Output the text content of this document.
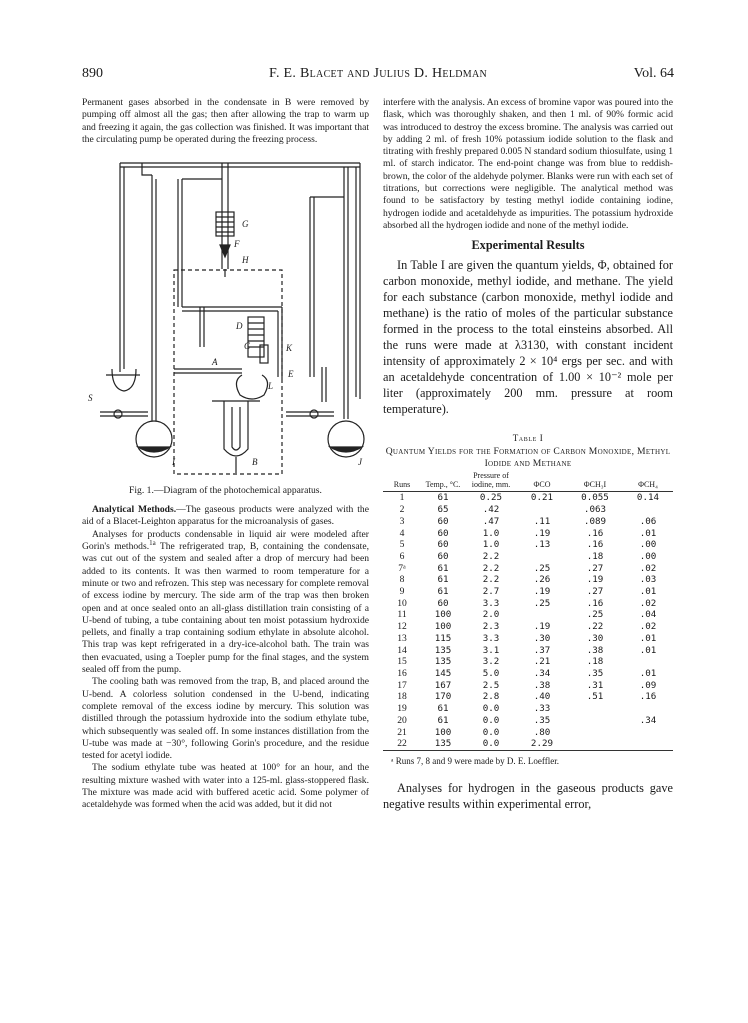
890	F. E. Blacet and Julius D. Heldman	Vol. 64

Permanent gases absorbed in the condensate in B were removed by pumping off almost all the gas; then after allowing the trap to warm up and freezing it again, the gas collection was finished. It was important that the circulating pump be operated during the freezing process.

G
F
H
D
C	K
A
L
E
S
I	B	J

Fig. 1.—Diagram of the photochemical apparatus.

Analytical Methods.—The gaseous products were analyzed with the aid of a Blacet-Leighton apparatus for the microanalysis of gases.

Analyses for products condensable in liquid air were modeled after Gorin's methods.$^{1a}$ The refrigerated trap, B, containing the condensate, was cut out of the system and sealed after a drop of mercury had been added to its contents. It was then warmed to room temperature for a minute or two and refrozen. This step was necessary for complete removal of excess iodine by mercury. The side arm of the trap was then broken open and at once sealed onto an all-glass distillation train consisting of a U-bend of tubing, a tube containing about ten moist potassium hydroxide pellets, and finally a trap containing sodium ethylate in absolute alcohol. This trap was kept refrigerated in a dry-ice-alcohol bath. The train was then evacuated, using a Toepler pump for the final stages, and the system sealed off from the pump.

The cooling bath was removed from the trap, B, and placed around the U-bend. A colorless solution condensed in the U-bend, indicating complete removal of the excess iodine by mercury. This solution was distilled through the potassium hydroxide into the sodium ethylate tube, which subsequently was sealed off. In some instances distillation from the U-tube was made at −30°, following Gorin's procedure, and the residue tested for acetyl iodide.

The sodium ethylate tube was heated at 100° for an hour, and the resulting mixture washed with water into a 125-ml. glass-stoppered flask. The mixture was made acid with buffered acetic acid. Some polymer of acetaldehyde was formed when the acid was added, but it did not

interfere with the analysis. An excess of bromine vapor was poured into the flask, which was thoroughly shaken, and then 1 ml. of 90% formic acid was introduced to destroy the excess bromine. The analysis was carried out by adding 2 ml. of fresh 10% potassium iodide solution to the flask and titrating with freshly prepared 0.005 N standard sodium thiosulfate, using 1 ml. of starch indicator. The end-point change was from blue to reddish-brown, the color of the aldehyde polymer. Blanks were run with each set of titrations, but corrections were negligible. The analytical method was found to be satisfactory by testing methyl iodide containing iodine, hydrogen iodide and acetaldehyde as impurities. The potassium hydroxide absorbed all the hydrogen iodide and none of the methyl iodide.

Experimental Results

In Table I are given the quantum yields, Φ, obtained for carbon monoxide, methyl iodide, and methane. The yield for each substance (carbon monoxide, methyl iodide and methane) is the ratio of moles of the particular substance formed in the process to the total einsteins absorbed. All the runs were made at λ3130, with constant incident intensity of approximately 2 × 10⁴ ergs per sec. and with an acetaldehyde concentration of 1.00 × 10⁻² mole per liter (approximately 200 mm. pressure at room temperature).

Table I
Quantum Yields for the Formation of Carbon Monoxide, Methyl Iodide and Methane
Runs	Temp., °C.	Pressure of iodine, mm.	ΦCO	ΦCH₃I	ΦCH₄
1	61	0.25	0.21	0.055	0.14
2	65	.42		.063	
3	60	.47	.11	.089	.06
4	60	1.0	.19	.16	.01
5	60	1.0	.13	.16	.00
6	60	2.2		.18	.00
7ᵃ	61	2.2	.25	.27	.02
8	61	2.2	.26	.19	.03
9	61	2.7	.19	.27	.01
10	60	3.3	.25	.16	.02
11	100	2.0		.25	.04
12	100	2.3	.19	.22	.02
13	115	3.3	.30	.30	.01
14	135	3.1	.37	.38	.01
15	135	3.2	.21	.18	
16	145	5.0	.34	.35	.01
17	167	2.5	.38	.31	.09
18	170	2.8	.40	.51	.16
19	61	0.0	.33		
20	61	0.0	.35		.34
21	100	0.0	.80		
22	135	0.0	2.29		
ᵃ Runs 7, 8 and 9 were made by D. E. Loeffler.

Analyses for hydrogen in the gaseous products gave negative results within experimental error,
